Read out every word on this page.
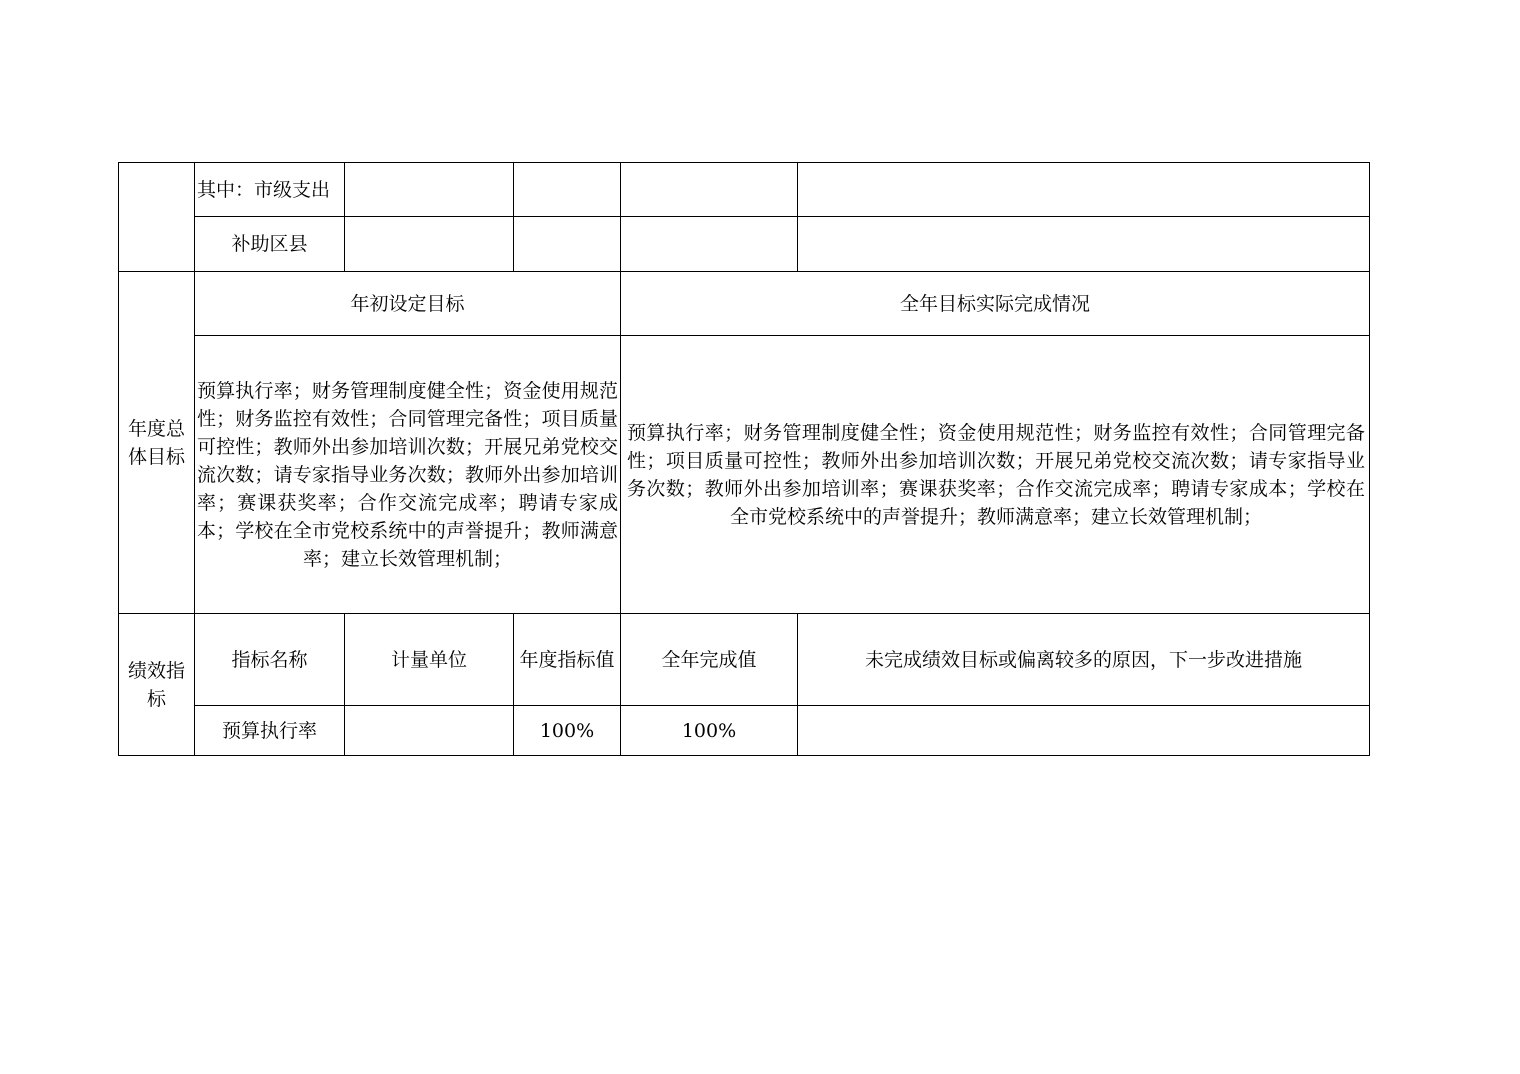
	其中：市级支出				
	补助区县				
年度总体目标	年初设定目标			全年目标实际完成情况	
	预算执行率；财务管理制度健全性；资金使用规范性；财务监控有效性；合同管理完备性；项目质量可控性；教师外出参加培训次数；开展兄弟党校交流次数；请专家指导业务次数；教师外出参加培训率；赛课获奖率；合作交流完成率；聘请专家成本；学校在全市党校系统中的声誉提升；教师满意率；建立长效管理机制；			预算执行率；财务管理制度健全性；资金使用规范性；财务监控有效性；合同管理完备性；项目质量可控性；教师外出参加培训次数；开展兄弟党校交流次数；请专家指导业务次数；教师外出参加培训率；赛课获奖率；合作交流完成率；聘请专家成本；学校在全市党校系统中的声誉提升；教师满意率；建立长效管理机制；	
绩效指标	指标名称	计量单位	年度指标值	全年完成值	未完成绩效目标或偏离较多的原因，下一步改进措施
	预算执行率		100%	100%	
